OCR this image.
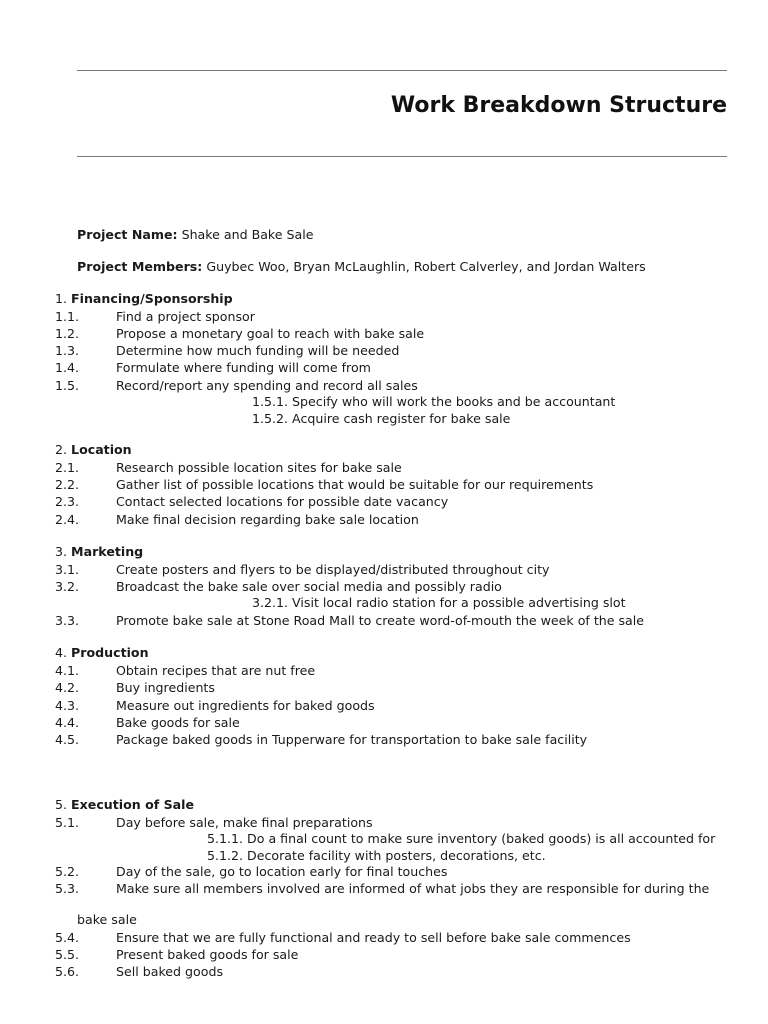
Work Breakdown Structure
Project Name: Shake and Bake Sale
Project Members: Guybec Woo, Bryan McLaughlin, Robert Calverley, and Jordan Walters
1. Financing/Sponsorship
1.1.	Find a project sponsor
1.2.	Propose a monetary goal to reach with bake sale
1.3.	Determine how much funding will be needed
1.4.	Formulate where funding will come from
1.5.	Record/report any spending and record all sales
1.5.1. Specify who will work the books and be accountant
1.5.2. Acquire cash register for bake sale
2. Location
2.1.	Research possible location sites for bake sale
2.2.	Gather list of possible locations that would be suitable for our requirements
2.3.	Contact selected locations for possible date vacancy
2.4.	Make final decision regarding bake sale location
3. Marketing
3.1.	Create posters and flyers to be displayed/distributed throughout city
3.2.	Broadcast the bake sale over social media and possibly radio
3.2.1. Visit local radio station for a possible advertising slot
3.3.	Promote bake sale at Stone Road Mall to create word-of-mouth the week of the sale
4. Production
4.1.	Obtain recipes that are nut free
4.2.	Buy ingredients
4.3.	Measure out ingredients for baked goods
4.4.	Bake goods for sale
4.5.	Package baked goods in Tupperware for transportation to bake sale facility
5. Execution of Sale
5.1.	Day before sale, make final preparations
5.1.1. Do a final count to make sure inventory (baked goods) is all accounted for
5.1.2. Decorate facility with posters, decorations, etc.
5.2.	Day of the sale, go to location early for final touches
5.3.	Make sure all members involved are informed of what jobs they are responsible for during the
bake sale
5.4.	Ensure that we are fully functional and ready to sell before bake sale commences
5.5.	Present baked goods for sale
5.6.	Sell baked goods
